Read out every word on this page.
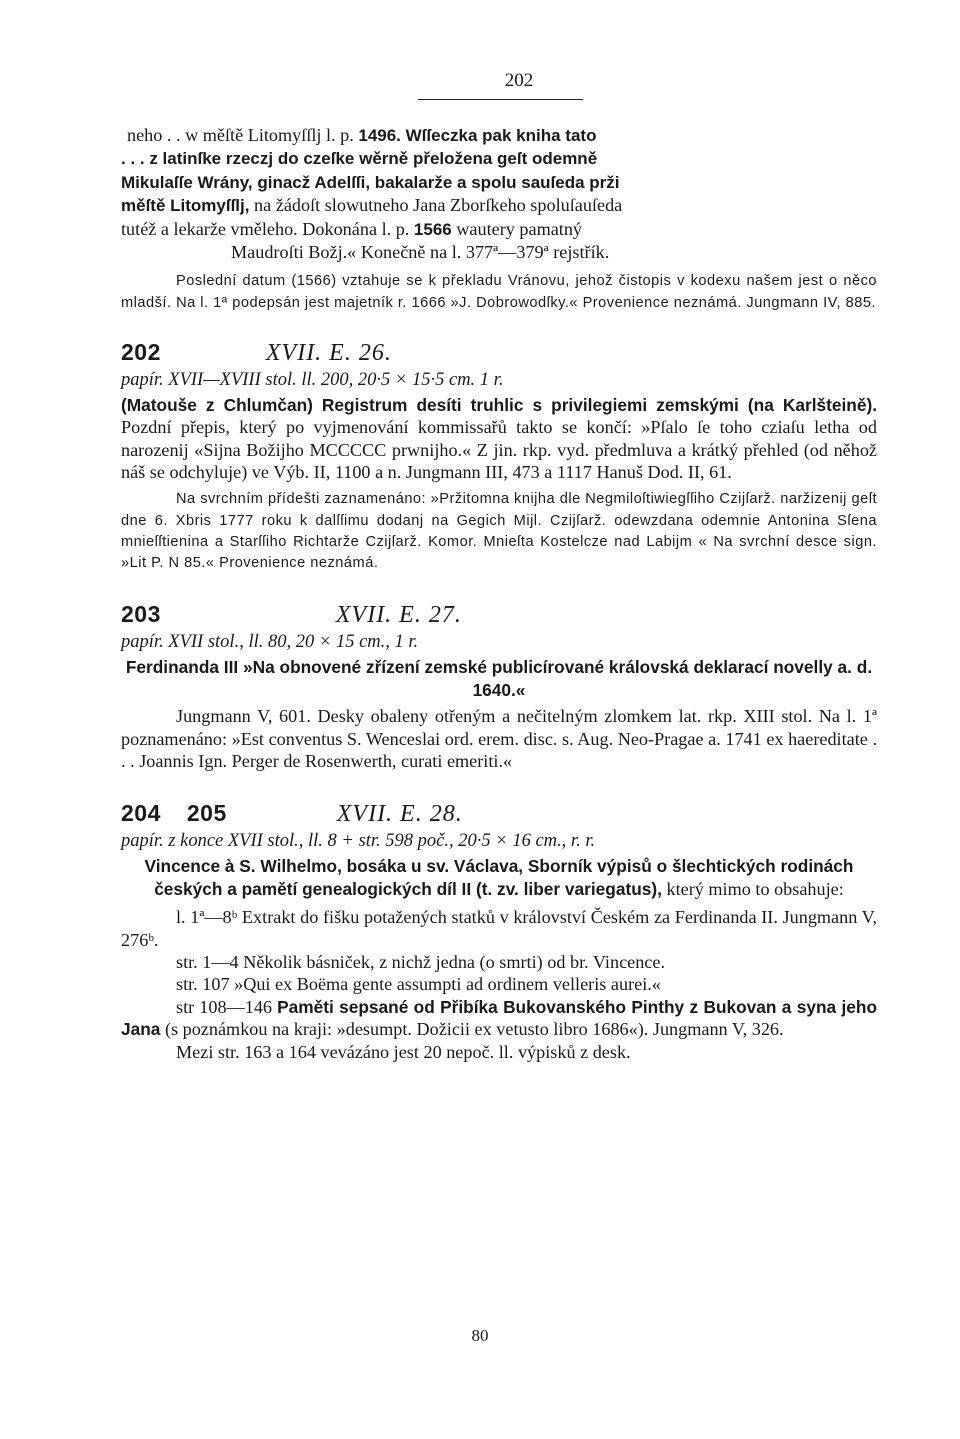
202

neho . . w měſtě Litomyſſlj l. p. 1496. Wſſeczka pak kniha tato

. . . z latinſke rzeczj do czeſke wěrně přeložena geſt odemně

Mikulaſſe Wrány, ginacž Adelſſi, bakalarže a spolu sauſeda prži

měſtě Litomyſſlj, na žádoſt slowutneho Jana Zborſkeho spoluſauſeda

tutéž a lekarže vměleho. Dokonána l. p. 1566 wautery pamatný

Maudroſti Božj.« Konečně na l. 377ª—379ª rejstřík.

Poslední datum (1566) vztahuje se k překladu Vránovu, jehož čistopis v kodexu našem jest o něco mladší. Na l. 1ª podepsán jest majetník r. 1666 »J. Dobrowodſky.« Provenience neznámá. Jungmann IV, 885.

202	XVII. E. 26.

papír. XVII—XVIII stol. ll. 200, 20·5 × 15·5 cm. 1 r.

(Matouše z Chlumčan) Registrum desíti truhlic s privilegiemi zemskými (na Karlšteině). Pozdní přepis, který po vyjmenování kommissařů takto se končí: »Pſalo ſe toho cziaſu letha od narozenij «Sijna Božijho MCCCCC prwnijho.« Z jin. rkp. vyd. předmluva a krátký přehled (od něhož náš se odchyluje) ve Výb. II, 1100 a n. Jungmann III, 473 a 1117 Hanuš Dod. II, 61.

Na svrchním přídešti zaznamenáno: »Pržitomna knijha dle Negmiloſtiwiegſſiho Czijſarž. naržizenij geſt dne 6. Xbris 1777 roku k dalſſimu dodanj na Gegich Mijl. Czijſarž. odewzdana odemnie Antonina Sſena mnieſſtienina a Starſſiho Richtarže Czijſarž. Komor. Mnieſta Kostelcze nad Labijm « Na svrchní desce sign. »Lit P. N 85.« Provenience neznámá.

203	XVII. E. 27.

papír. XVII stol., ll. 80, 20 × 15 cm., 1 r.

Ferdinanda III »Na obnovené zřízení zemské publicírované královská deklarací novelly a. d. 1640.«

Jungmann V, 601. Desky obaleny otřeným a nečitelným zlomkem lat. rkp. XIII stol. Na l. 1ª poznamenáno: »Est conventus S. Wenceslai ord. erem. disc. s. Aug. Neo-Pragae a. 1741 ex haereditate . . . Joannis Ign. Perger de Rosenwerth, curati emeriti.«

204 205	XVII. E. 28.

papír. z konce XVII stol., ll. 8 + str. 598 poč., 20·5 × 16 cm., r. r.

Vincence à S. Wilhelmo, bosáka u sv. Václava, Sborník výpisů o šlechtických rodinách českých a pamětí genealogických díl II (t. zv. liber variegatus), který mimo to obsahuje:

l. 1ª—8ᵇ Extrakt do fišku potažených statků v království Českém za Ferdinanda II. Jungmann V, 276ᵇ.

str. 1—4 Několik básniček, z nichž jedna (o smrti) od br. Vincence.

str. 107 »Qui ex Boëma gente assumpti ad ordinem velleris aurei.«

str 108—146 Paměti sepsané od Přibíka Bukovanského Pinthy z Bukovan a syna jeho Jana (s poznámkou na kraji: »desumpt. Dožicii ex vetusto libro 1686«). Jungmann V, 326.

Mezi str. 163 a 164 vevázáno jest 20 nepoč. ll. výpisků z desk.

80
